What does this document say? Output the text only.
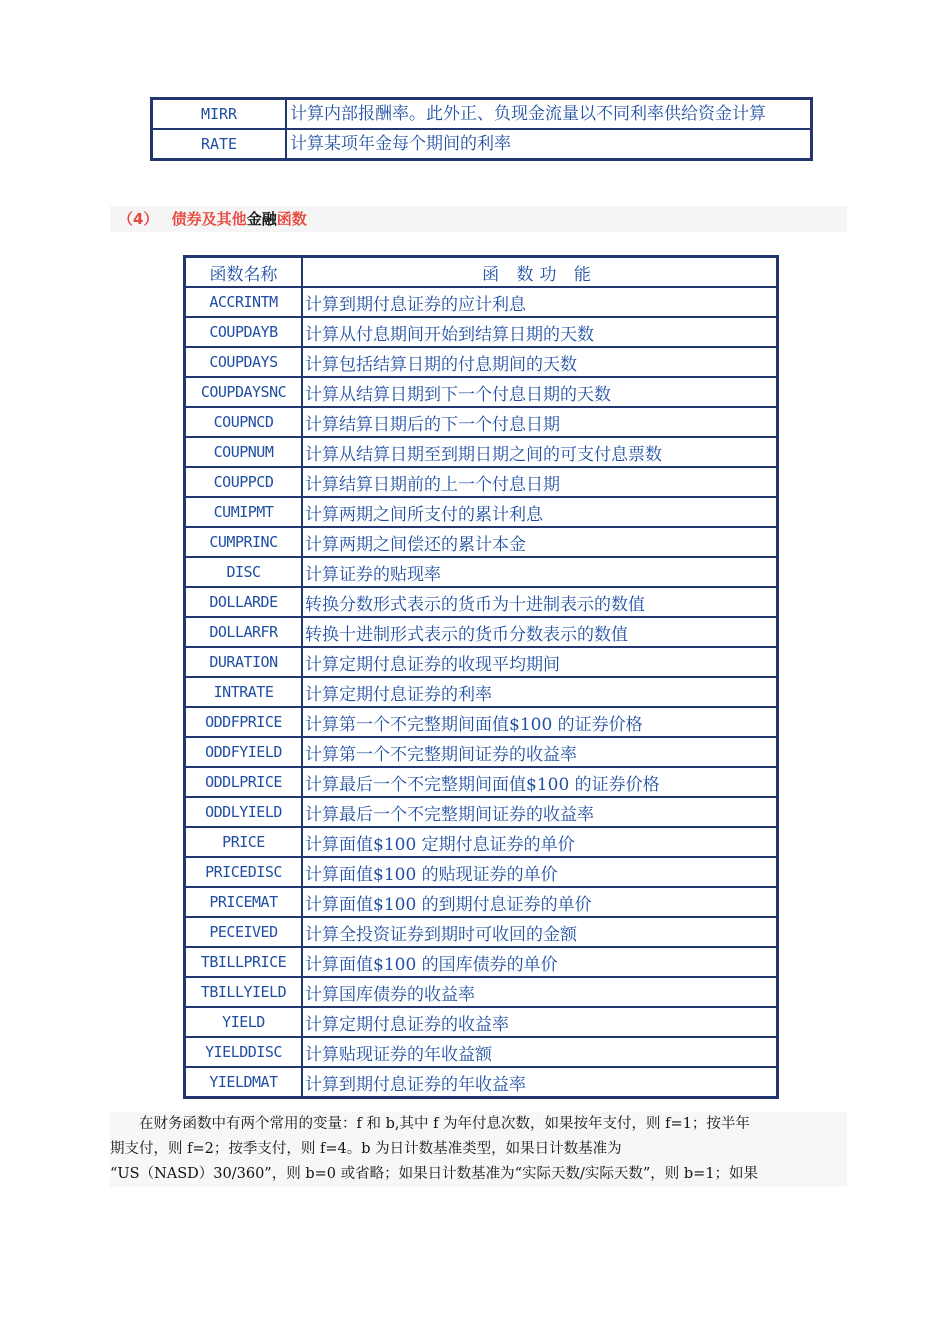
MIRR	计算内部报酬率。此外正、负现金流量以不同利率供给资金计算
RATE	计算某项年金每个期间的利率
（4） 债券及其他金融函数
函数名称	函 数功 能
ACCRINTM	计算到期付息证券的应计利息
COUPDAYB	计算从付息期间开始到结算日期的天数
COUPDAYS	计算包括结算日期的付息期间的天数
COUPDAYSNC	计算从结算日期到下一个付息日期的天数
COUPNCD	计算结算日期后的下一个付息日期
COUPNUM	计算从结算日期至到期日期之间的可支付息票数
COUPPCD	计算结算日期前的上一个付息日期
CUMIPMT	计算两期之间所支付的累计利息
CUMPRINC	计算两期之间偿还的累计本金
DISC	计算证券的贴现率
DOLLARDE	转换分数形式表示的货币为十进制表示的数值
DOLLARFR	转换十进制形式表示的货币分数表示的数值
DURATION	计算定期付息证券的收现平均期间
INTRATE	计算定期付息证券的利率
ODDFPRICE	计算第一个不完整期间面值$100 的证券价格
ODDFYIELD	计算第一个不完整期间证券的收益率
ODDLPRICE	计算最后一个不完整期间面值$100 的证券价格
ODDLYIELD	计算最后一个不完整期间证券的收益率
PRICE	计算面值$100 定期付息证券的单价
PRICEDISC	计算面值$100 的贴现证券的单价
PRICEMAT	计算面值$100 的到期付息证券的单价
PECEIVED	计算全投资证券到期时可收回的金额
TBILLPRICE	计算面值$100 的国库债券的单价
TBILLYIELD	计算国库债券的收益率
YIELD	计算定期付息证券的收益率
YIELDDISC	计算贴现证券的年收益额
YIELDMAT	计算到期付息证券的年收益率

　　在财务函数中有两个常用的变量：f 和 b,其中 f 为年付息次数，如果按年支付，则 f=1；按半年

期支付，则 f=2；按季支付，则 f=4。b 为日计数基准类型，如果日计数基准为

“US（NASD）30/360”，则 b=0 或省略；如果日计数基准为“实际天数/实际天数”，则 b=1；如果
